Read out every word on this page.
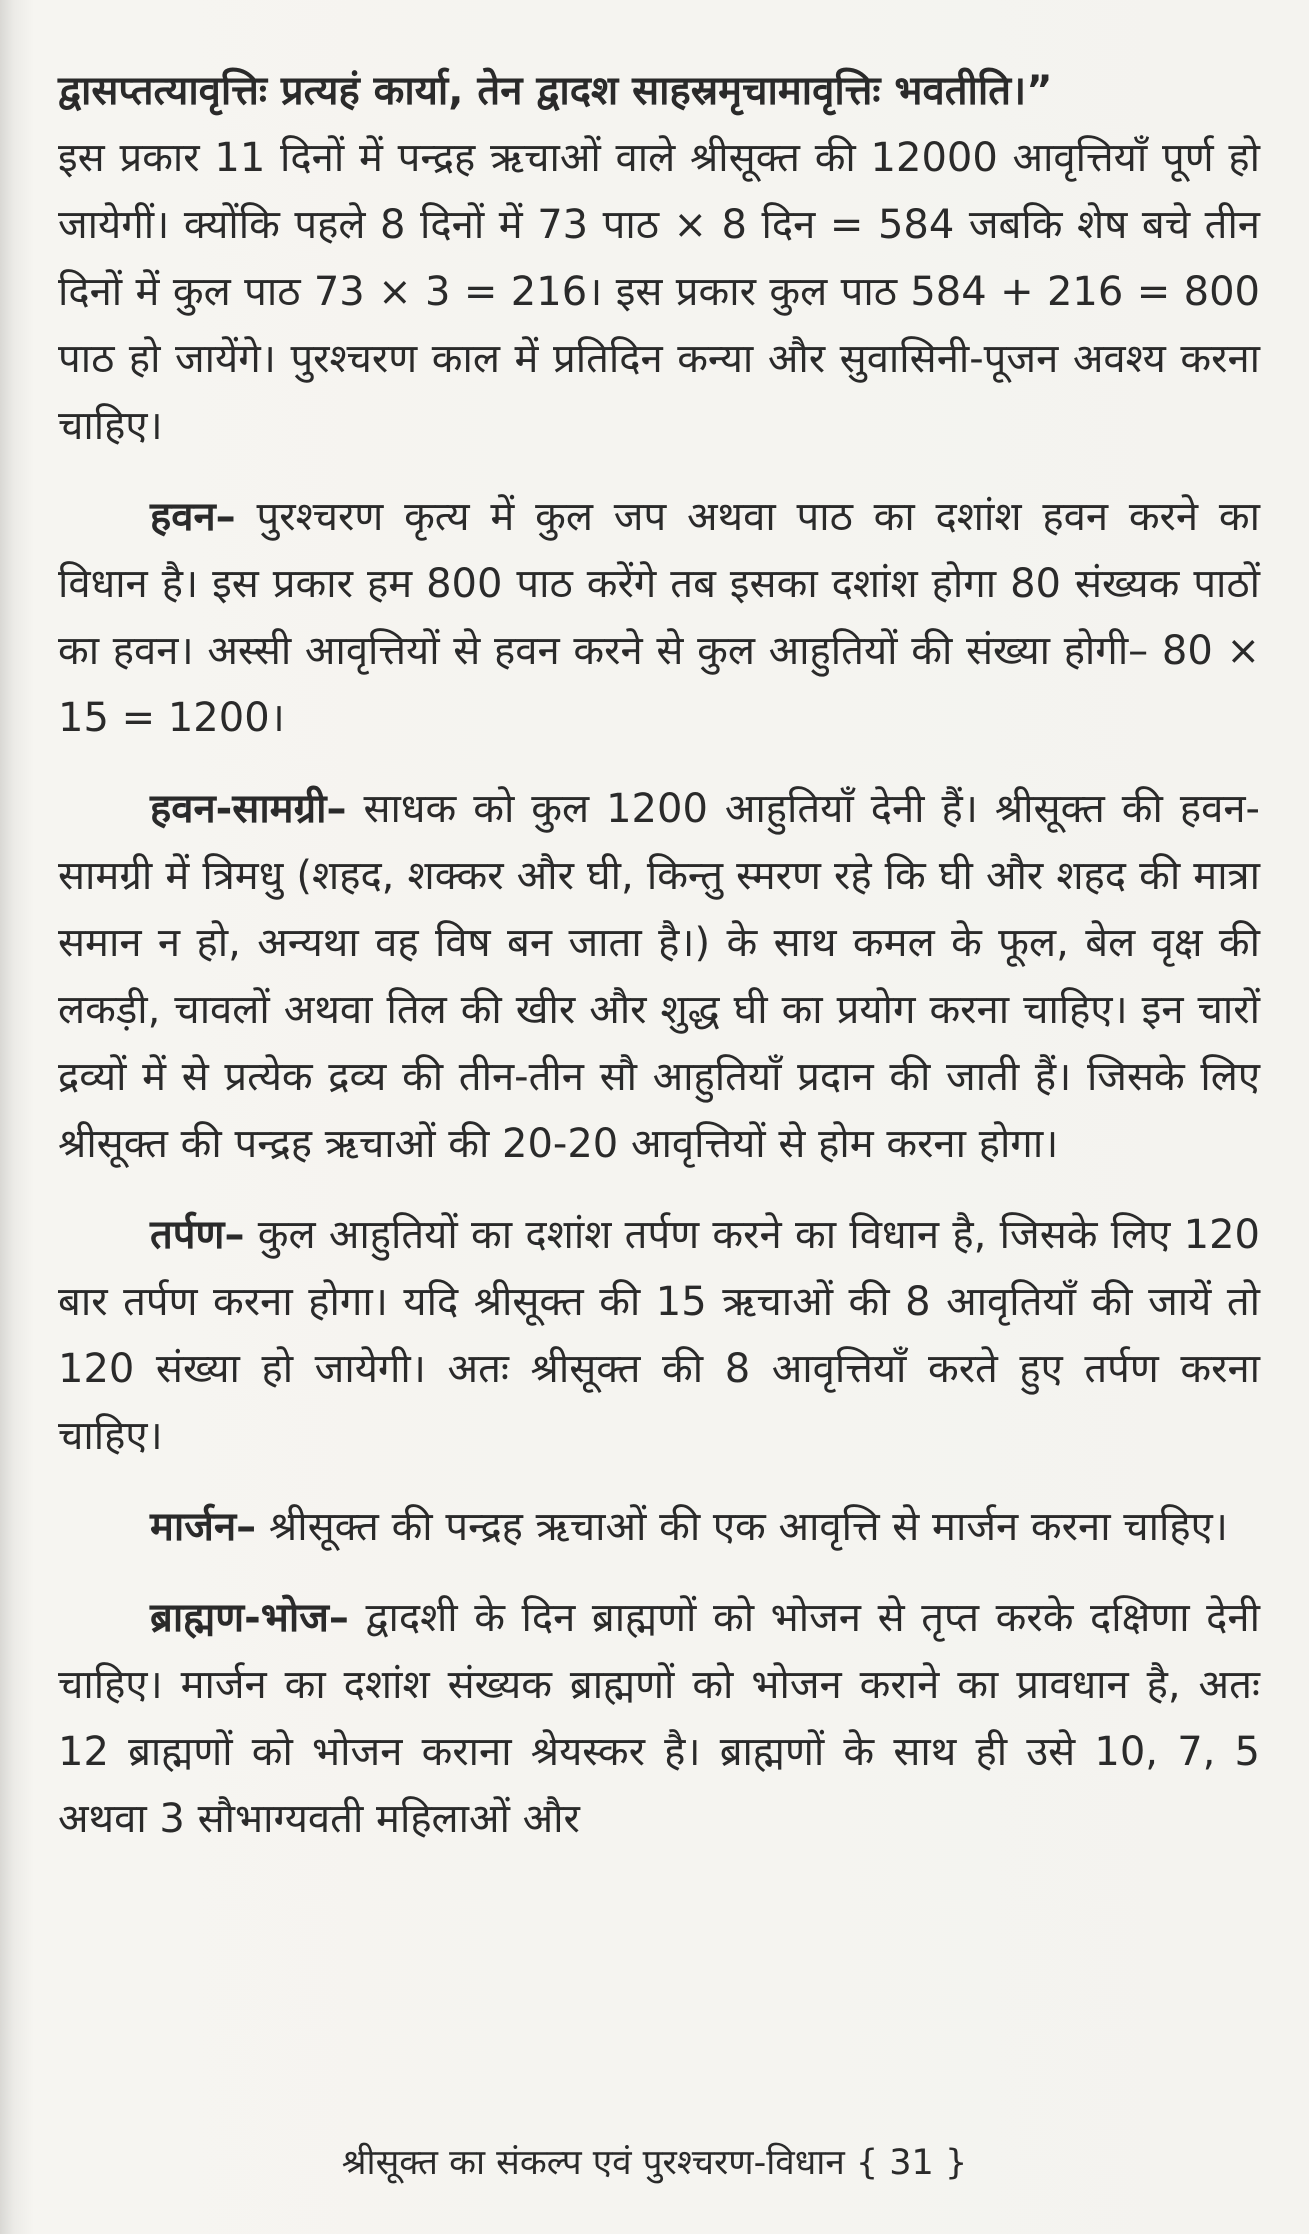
द्वासप्तत्यावृत्तिः प्रत्यहं कार्या, तेन द्वादश साहस्रमृचामावृत्तिः भवतीति।”

इस प्रकार 11 दिनों में पन्द्रह ऋचाओं वाले श्रीसूक्त की 12000 आवृत्तियाँ पूर्ण हो जायेगीं। क्योंकि पहले 8 दिनों में 73 पाठ × 8 दिन = 584 जबकि शेष बचे तीन दिनों में कुल पाठ 73 × 3 = 216। इस प्रकार कुल पाठ 584 + 216 = 800 पाठ हो जायेंगे। पुरश्चरण काल में प्रतिदिन कन्या और सुवासिनी-पूजन अवश्य करना चाहिए।

हवन– पुरश्चरण कृत्य में कुल जप अथवा पाठ का दशांश हवन करने का विधान है। इस प्रकार हम 800 पाठ करेंगे तब इसका दशांश होगा 80 संख्यक पाठों का हवन। अस्सी आवृत्तियों से हवन करने से कुल आहुतियों की संख्या होगी– 80 × 15 = 1200।

हवन-सामग्री– साधक को कुल 1200 आहुतियाँ देनी हैं। श्रीसूक्त की हवन-सामग्री में त्रिमधु (शहद, शक्कर और घी, किन्तु स्मरण रहे कि घी और शहद की मात्रा समान न हो, अन्यथा वह विष बन जाता है।) के साथ कमल के फूल, बेल वृक्ष की लकड़ी, चावलों अथवा तिल की खीर और शुद्ध घी का प्रयोग करना चाहिए। इन चारों द्रव्यों में से प्रत्येक द्रव्य की तीन-तीन सौ आहुतियाँ प्रदान की जाती हैं। जिसके लिए श्रीसूक्त की पन्द्रह ऋचाओं की 20-20 आवृत्तियों से होम करना होगा।

तर्पण– कुल आहुतियों का दशांश तर्पण करने का विधान है, जिसके लिए 120 बार तर्पण करना होगा। यदि श्रीसूक्त की 15 ऋचाओं की 8 आवृतियाँ की जायें तो 120 संख्या हो जायेगी। अतः श्रीसूक्त की 8 आवृत्तियाँ करते हुए तर्पण करना चाहिए।

मार्जन– श्रीसूक्त की पन्द्रह ऋचाओं की एक आवृत्ति से मार्जन करना चाहिए।

ब्राह्मण-भोज– द्वादशी के दिन ब्राह्मणों को भोजन से तृप्त करके दक्षिणा देनी चाहिए। मार्जन का दशांश संख्यक ब्राह्मणों को भोजन कराने का प्रावधान है, अतः 12 ब्राह्मणों को भोजन कराना श्रेयस्कर है। ब्राह्मणों के साथ ही उसे 10, 7, 5 अथवा 3 सौभाग्यवती महिलाओं और

श्रीसूक्त का संकल्प एवं पुरश्चरण-विधान { 31 }
